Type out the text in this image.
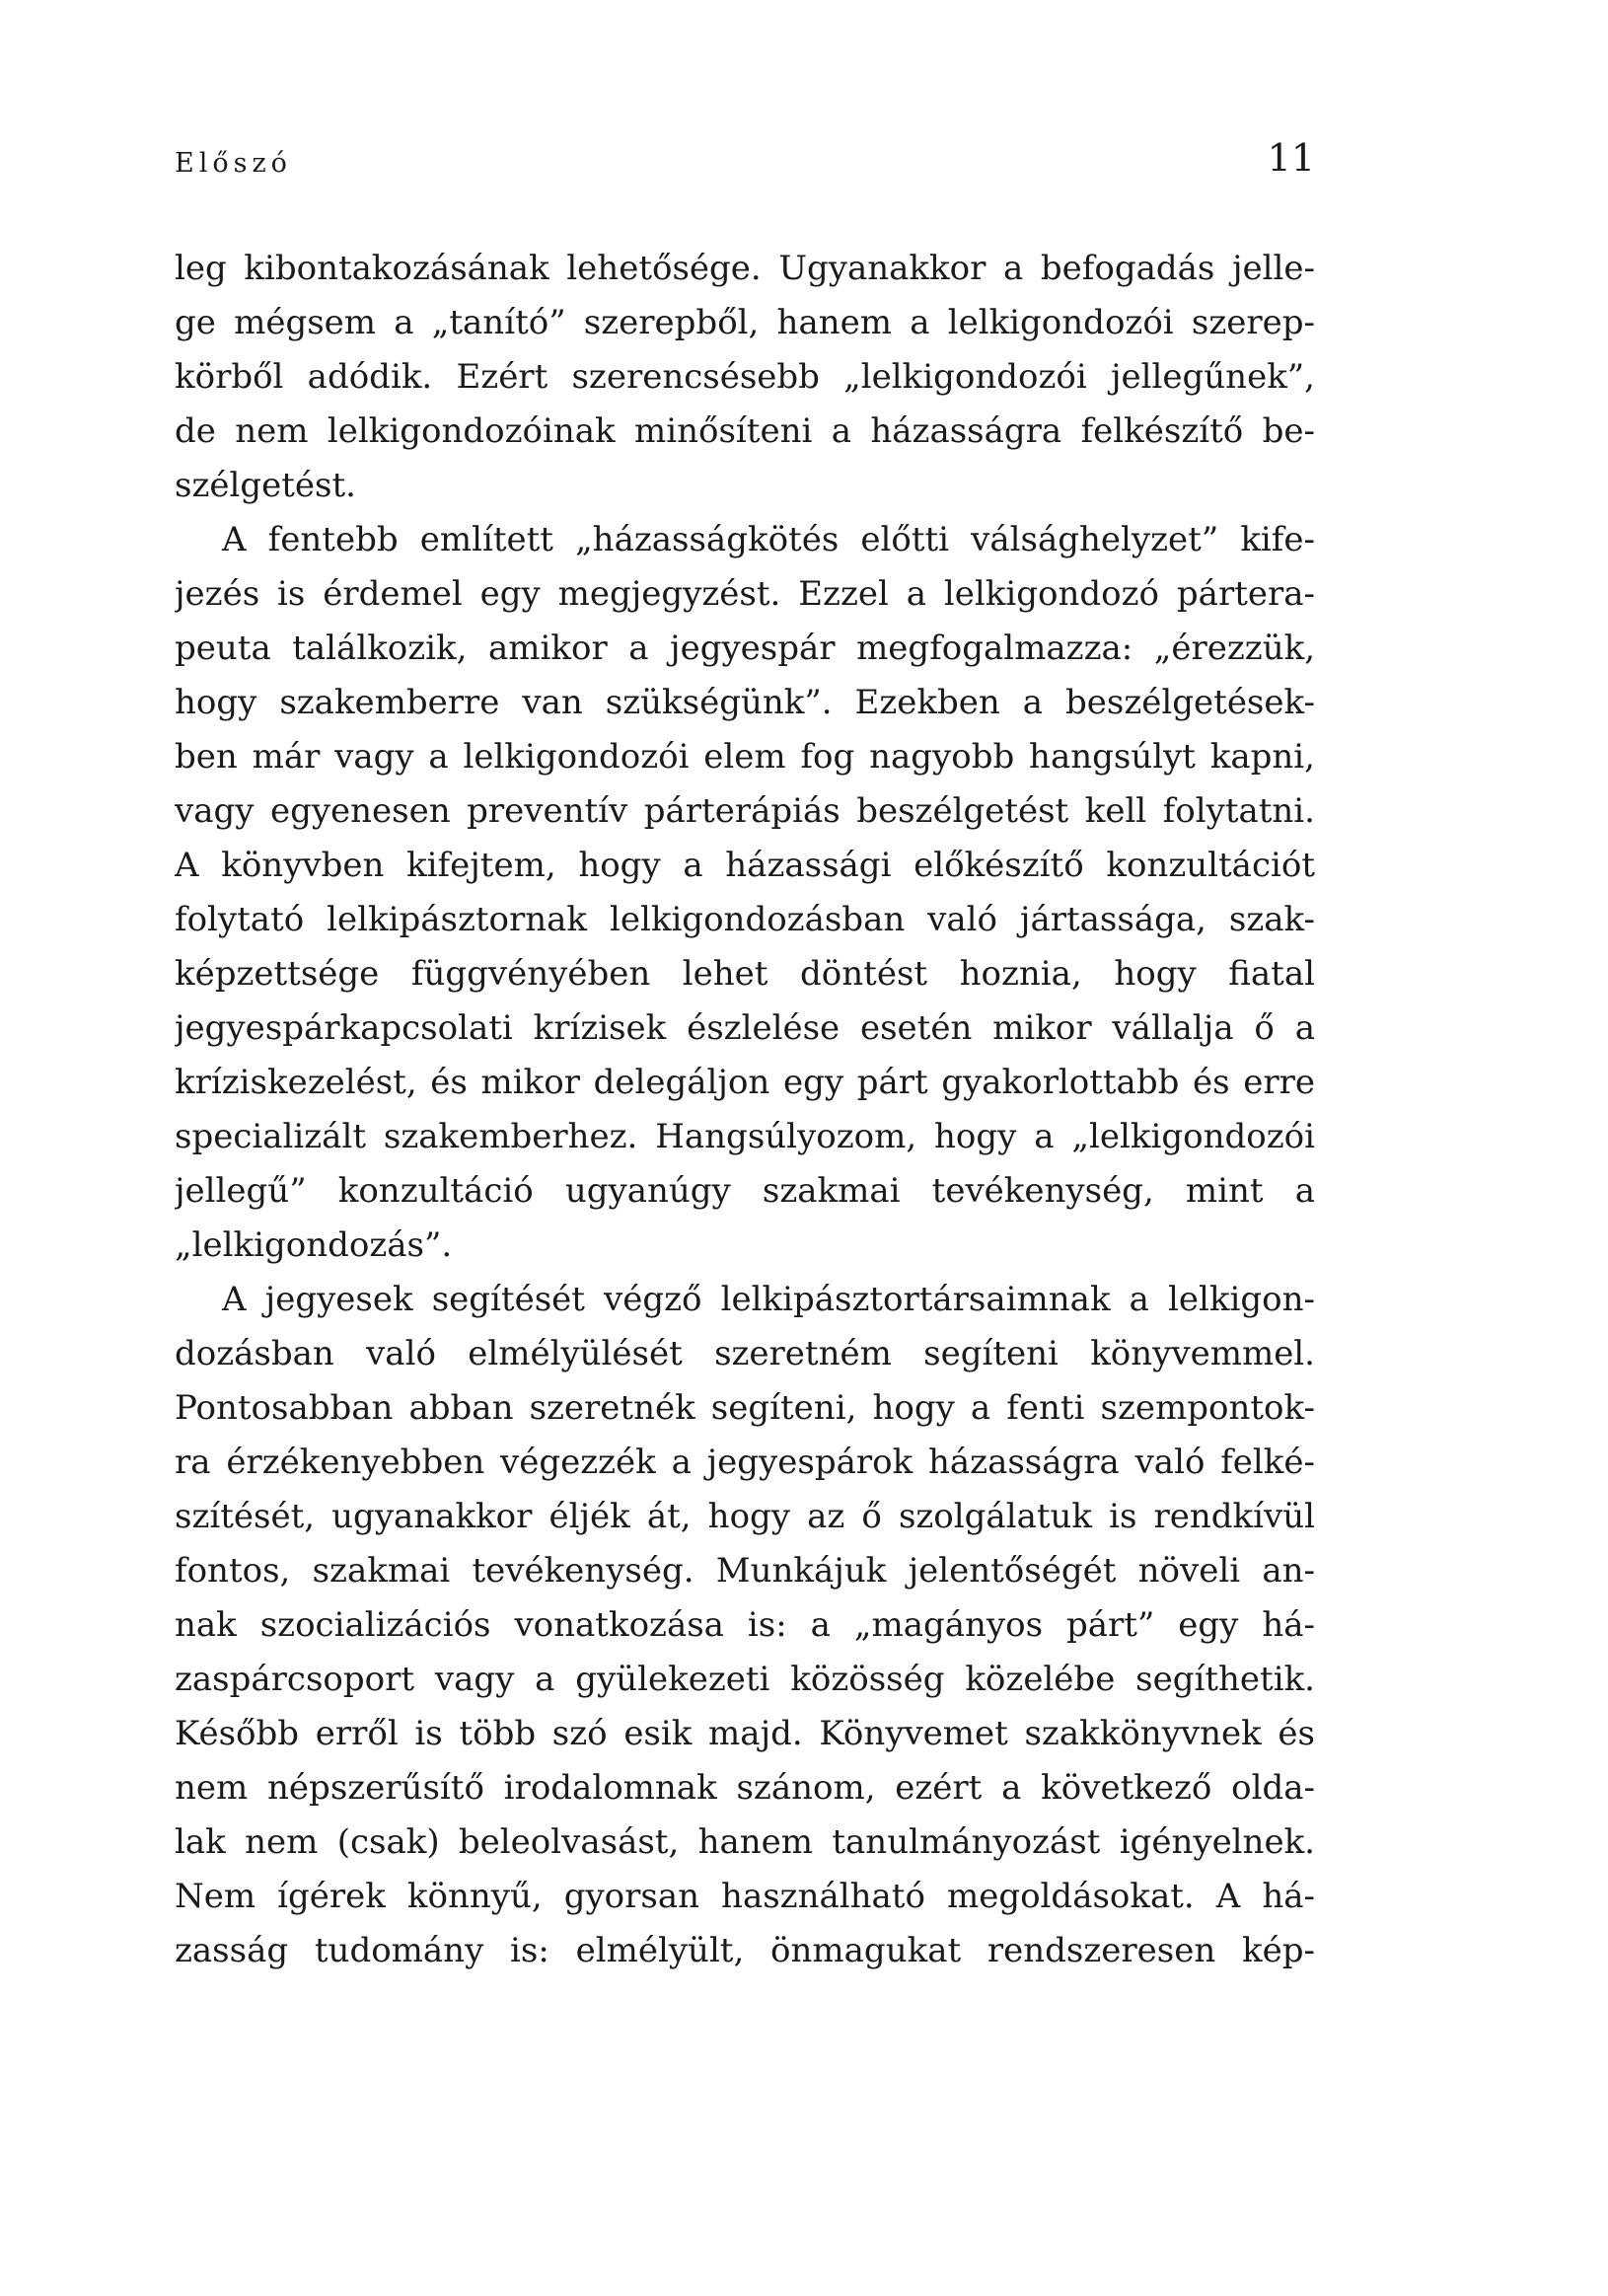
Előszó	11
leg kibontakozásának lehetősége. Ugyanakkor a befogadás jelle-
ge mégsem a „tanító” szerepből, hanem a lelkigondozói szerep-
körből adódik. Ezért szerencsésebb „lelkigondozói jellegűnek”,
de nem lelkigondozóinak minősíteni a házasságra felkészítő be-
szélgetést.
A fentebb említett „házasságkötés előtti válsághelyzet” kife-
jezés is érdemel egy megjegyzést. Ezzel a lelkigondozó pártera-
peuta találkozik, amikor a jegyespár megfogalmazza: „érezzük,
hogy szakemberre van szükségünk”. Ezekben a beszélgetések-
ben már vagy a lelkigondozói elem fog nagyobb hangsúlyt kapni,
vagy egyenesen preventív párterápiás beszélgetést kell folytatni.
A könyvben kifejtem, hogy a házassági előkészítő konzultációt
folytató lelkipásztornak lelkigondozásban való jártassága, szak-
képzettsége függvényében lehet döntést hoznia, hogy fiatal
jegyespárkapcsolati krízisek észlelése esetén mikor vállalja ő a
kríziskezelést, és mikor delegáljon egy párt gyakorlottabb és erre
specializált szakemberhez. Hangsúlyozom, hogy a „lelkigondozói
jellegű” konzultáció ugyanúgy szakmai tevékenység, mint a
„lelkigondozás”.
A jegyesek segítését végző lelkipásztortársaimnak a lelkigon-
dozásban való elmélyülését szeretném segíteni könyvemmel.
Pontosabban abban szeretnék segíteni, hogy a fenti szempontok-
ra érzékenyebben végezzék a jegyespárok házasságra való felké-
szítését, ugyanakkor éljék át, hogy az ő szolgálatuk is rendkívül
fontos, szakmai tevékenység. Munkájuk jelentőségét növeli an-
nak szocializációs vonatkozása is: a „magányos párt” egy há-
zaspárcsoport vagy a gyülekezeti közösség közelébe segíthetik.
Később erről is több szó esik majd. Könyvemet szakkönyvnek és
nem népszerűsítő irodalomnak szánom, ezért a következő olda-
lak nem (csak) beleolvasást, hanem tanulmányozást igényelnek.
Nem ígérek könnyű, gyorsan használható megoldásokat. A há-
zasság tudomány is: elmélyült, önmagukat rendszeresen kép-
